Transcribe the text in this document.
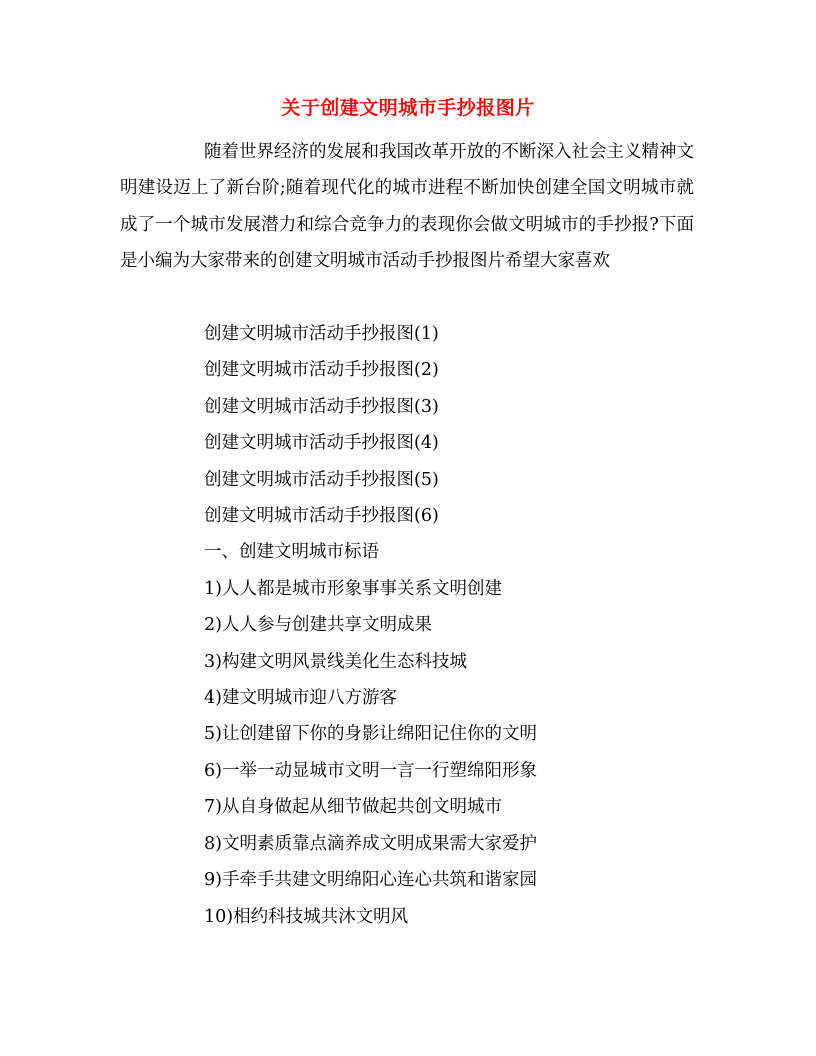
关于创建文明城市手抄报图片

随着世界经济的发展和我国改革开放的不断深入社会主义精神文明建设迈上了新台阶;随着现代化的城市进程不断加快创建全国文明城市就成了一个城市发展潜力和综合竞争力的表现你会做文明城市的手抄报?下面是小编为大家带来的创建文明城市活动手抄报图片希望大家喜欢

创建文明城市活动手抄报图(1)
创建文明城市活动手抄报图(2)
创建文明城市活动手抄报图(3)
创建文明城市活动手抄报图(4)
创建文明城市活动手抄报图(5)
创建文明城市活动手抄报图(6)
一、创建文明城市标语
1)人人都是城市形象事事关系文明创建
2)人人参与创建共享文明成果
3)构建文明风景线美化生态科技城
4)建文明城市迎八方游客
5)让创建留下你的身影让绵阳记住你的文明
6)一举一动显城市文明一言一行塑绵阳形象
7)从自身做起从细节做起共创文明城市
8)文明素质靠点滴养成文明成果需大家爱护
9)手牵手共建文明绵阳心连心共筑和谐家园
10)相约科技城共沐文明风
